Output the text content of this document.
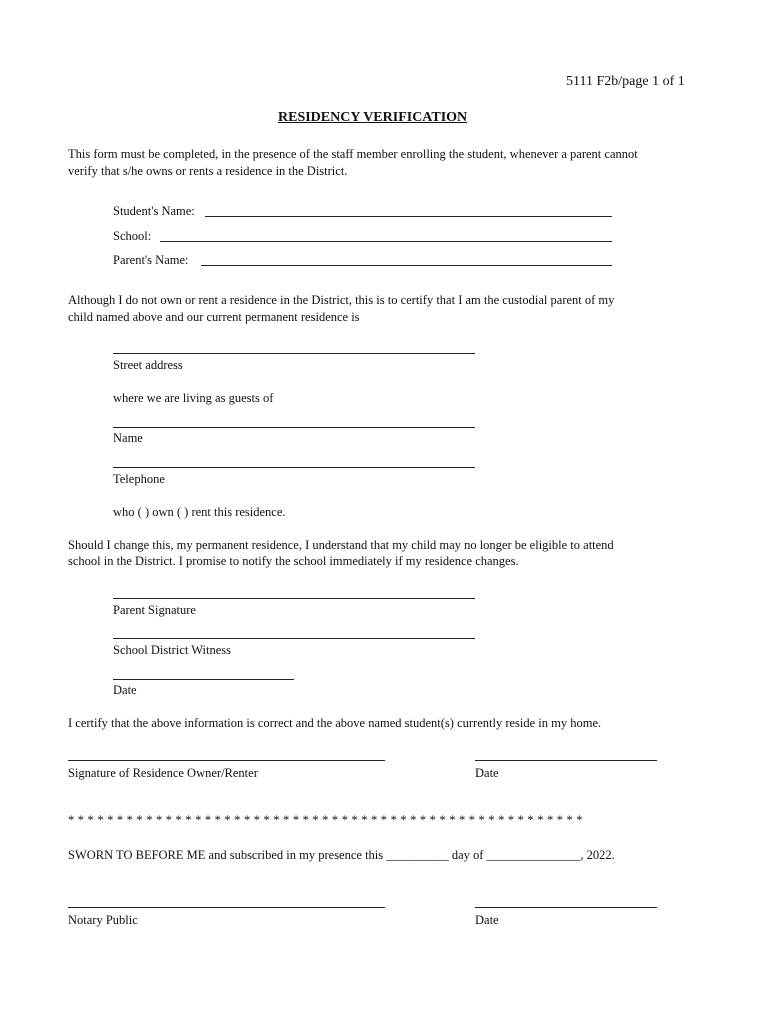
5111 F2b/page 1 of 1
RESIDENCY VERIFICATION
This form must be completed, in the presence of the staff member enrolling the student, whenever a parent cannot
verify that s/he owns or rents a residence in the District.
Student's Name:
School:
Parent's Name:
Although I do not own or rent a residence in the District, this is to certify that I am the custodial parent of my
child named above and our current permanent residence is
Street address
where we are living as guests of
Name
Telephone
who ( ) own ( ) rent this residence.
Should I change this, my permanent residence, I understand that my child may no longer be eligible to attend
school in the District. I promise to notify the school immediately if my residence changes.
Parent Signature
School District Witness
Date
I certify that the above information is correct and the above named student(s) currently reside in my home.
Signature of Residence Owner/Renter	Date
* * * * * * * * * * * * * * * * * * * * * * * * * * * * * * * * * * * * * * * * * * * * * * * * * * * * *
SWORN TO BEFORE ME and subscribed in my presence this __________ day of _______________, 2022.
Notary Public	Date
